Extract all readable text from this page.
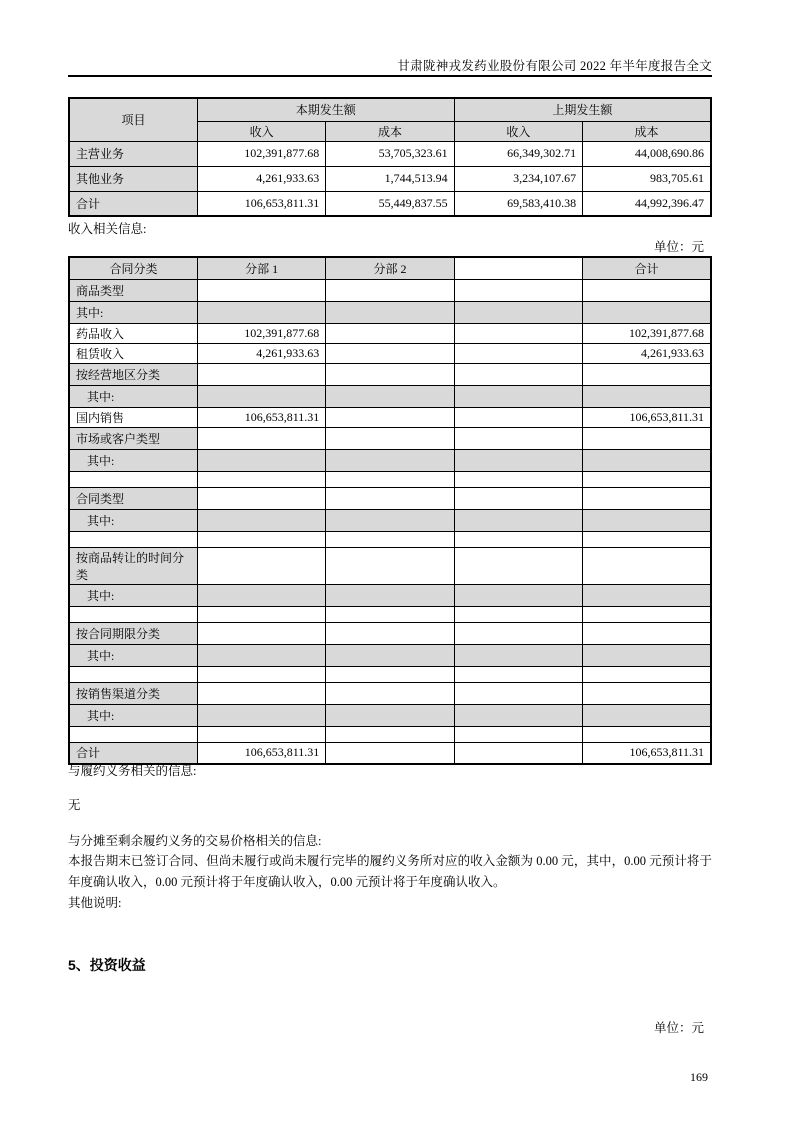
甘肃陇神戎发药业股份有限公司 2022 年半年度报告全文
项目	本期发生额		上期发生额	
	收入	成本	收入	成本
主营业务	102,391,877.68	53,705,323.61	66,349,302.71	44,008,690.86
其他业务	4,261,933.63	1,744,513.94	3,234,107.67	983,705.61
合计	106,653,811.31	55,449,837.55	69,583,410.38	44,992,396.47
收入相关信息:
单位：元
合同分类	分部 1	分部 2		合计
商品类型				
其中:				
药品收入	102,391,877.68			102,391,877.68
租赁收入	4,261,933.63			4,261,933.63
按经营地区分类				
其中:				
国内销售	106,653,811.31			106,653,811.31
市场或客户类型				
其中:				

合同类型				
其中:				

按商品转让的时间分类				
其中:				

按合同期限分类				
其中:				

按销售渠道分类				
其中:				

合计	106,653,811.31			106,653,811.31
与履约义务相关的信息:
无
与分摊至剩余履约义务的交易价格相关的信息:
本报告期末已签订合同、但尚未履行或尚未履行完毕的履约义务所对应的收入金额为 0.00 元，其中，0.00 元预计将于年度确认收入，0.00 元预计将于年度确认收入，0.00 元预计将于年度确认收入。
其他说明:
5、投资收益
单位：元
169
